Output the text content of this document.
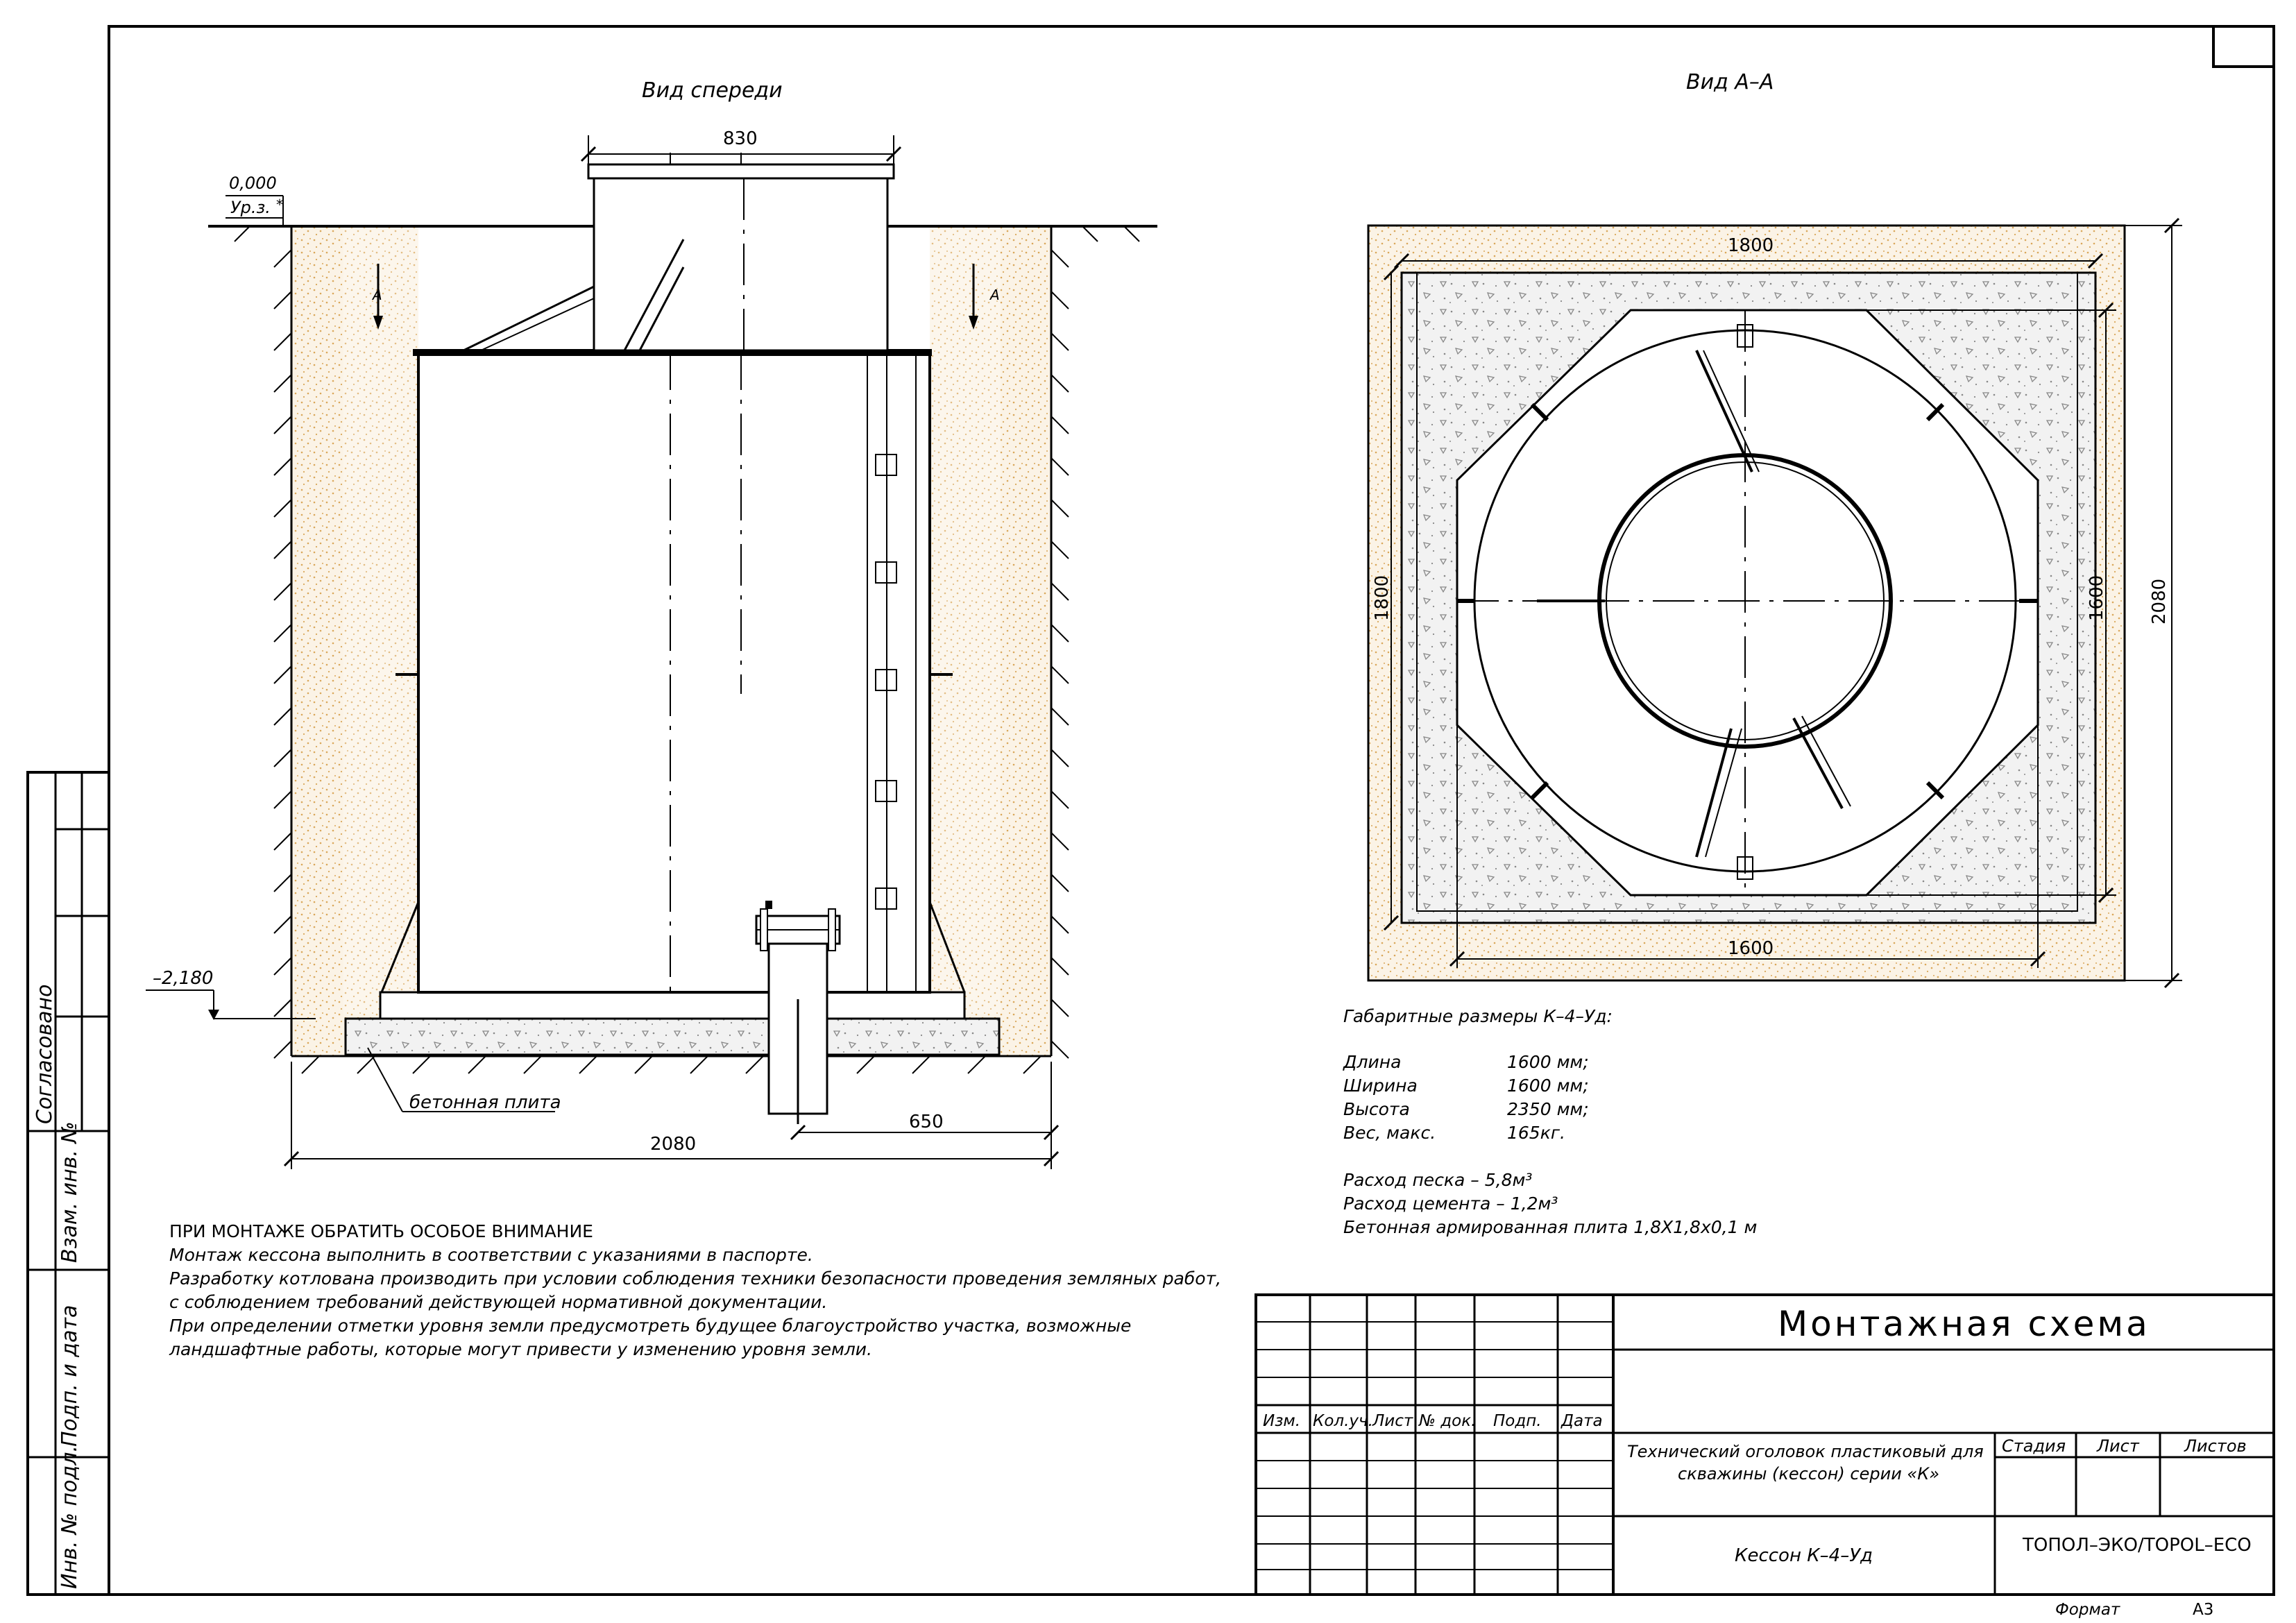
Согласовано
Взам. инв. №
Подп. и дата
Инв. № подл.
Вид спереди
А	А
0,000
Ур.з. *
–2,180
830
2080
650
бетонная плита
Вид А–А
1800
1600
1800	1600 2080
Изм. Кол.уч. Лист № док. Подп. Дата
Монтажная схема
Технический оголовок пластиковый для
скважины (кессон) серии «К»
Кессон К–4–Уд
Стадия Лист	Листов
ТОПОЛ–ЭКО/TOPOL–ECO
Формат	А3
Габаритные размеры К–4–Уд:
Длина	1600 мм;
Ширина	1600 мм;
Высота	2350 мм;
Вес, макс.	165кг.
Расход песка – 5,8м³
Расход цемента – 1,2м³
Бетонная армированная плита 1,8Х1,8х0,1 м
ПРИ МОНТАЖЕ ОБРАТИТЬ ОСОБОЕ ВНИМАНИЕ
Монтаж кессона выполнить в соответствии с указаниями в паспорте.
Разработку котлована производить при условии соблюдения техники безопасности проведения земляных работ,
с соблюдением требований действующей нормативной документации.
При определении отметки уровня земли предусмотреть будущее благоустройство участка, возможные
ландшафтные работы, которые могут привести у изменению уровня земли.
